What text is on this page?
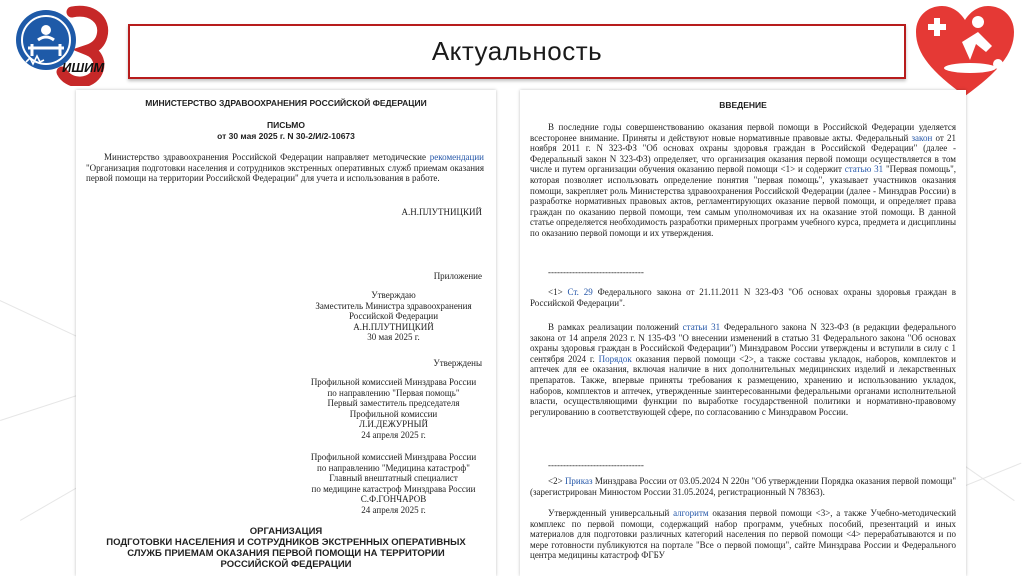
ИШИМ
Актуальность
МИНИСТЕРСТВО ЗДРАВООХРАНЕНИЯ РОССИЙСКОЙ ФЕДЕРАЦИИ
ПИСЬМО
от 30 мая 2025 г. N 30-2/И/2-10673
Министерство здравоохранения Российской Федерации направляет методические рекомендации "Организация подготовки населения и сотрудников экстренных оперативных служб приемам оказания первой помощи на территории Российской Федерации" для учета и использования в работе.
А.Н.ПЛУТНИЦКИЙ
Приложение
Утверждаю
Заместитель Министра здравоохранения
Российской Федерации
А.Н.ПЛУТНИЦКИЙ
30 мая 2025 г.
Утверждены
Профильной комиссией Минздрава России
по направлению "Первая помощь"
Первый заместитель председателя
Профильной комиссии
Л.И.ДЕЖУРНЫЙ
24 апреля 2025 г.
Профильной комиссией Минздрава России
по направлению "Медицина катастроф"
Главный внештатный специалист
по медицине катастроф Минздрава России
С.Ф.ГОНЧАРОВ
24 апреля 2025 г.
ОРГАНИЗАЦИЯ
ПОДГОТОВКИ НАСЕЛЕНИЯ И СОТРУДНИКОВ ЭКСТРЕННЫХ ОПЕРАТИВНЫХ
СЛУЖБ ПРИЕМАМ ОКАЗАНИЯ ПЕРВОЙ ПОМОЩИ НА ТЕРРИТОРИИ
РОССИЙСКОЙ ФЕДЕРАЦИИ
ВВЕДЕНИЕ
В последние годы совершенствованию оказания первой помощи в Российской Федерации уделяется всесторонее внимание. Приняты и действуют новые нормативные правовые акты. Федеральный закон от 21 ноября 2011 г. N 323-ФЗ "Об основах охраны здоровья граждан в Российской Федерации" (далее - Федеральный закон N 323-ФЗ) определяет, что организация оказания первой помощи осуществляется в том числе и путем организации обучения оказанию первой помощи <1> и содержит статью 31 "Первая помощь", которая позволяет использовать определение понятия "первая помощь", указывает участников оказания помощи, закрепляет роль Министерства здравоохранения Российской Федерации (далее - Минздрав России) в разработке нормативных правовых актов, регламентирующих оказание первой помощи, и определяет права граждан по оказанию первой помощи, тем самым уполномочивая их на оказание этой помощи. В данной статье определяется необходимость разработки примерных программ учебного курса, предмета и дисциплины по оказанию первой помощи и их утверждения.
--------------------------------
<1> Ст. 29 Федерального закона от 21.11.2011 N 323-ФЗ "Об основах охраны здоровья граждан в Российской Федерации".
В рамках реализации положений статьи 31 Федерального закона N 323-ФЗ (в редакции федерального закона от 14 апреля 2023 г. N 135-ФЗ "О внесении изменений в статью 31 Федерального закона "Об основах охраны здоровья граждан в Российской Федерации") Минздравом России утверждены и вступили в силу с 1 сентября 2024 г. Порядок оказания первой помощи <2>, а также составы укладок, наборов, комплектов и аптечек для ее оказания, включая наличие в них дополнительных медицинских изделий и лекарственных препаратов. Также, впервые приняты требования к размещению, хранению и использованию укладок, наборов, комплектов и аптечек, утвержденные заинтересованными федеральными органами исполнительной власти, осуществляющими функции по выработке государственной политики и нормативно-правовому регулированию в соответствующей сфере, по согласованию с Минздравом России.
--------------------------------
<2> Приказ Минздрава России от 03.05.2024 N 220н "Об утверждении Порядка оказания первой помощи" (зарегистрирован Минюстом России 31.05.2024, регистрационный N 78363).
Утвержденный универсальный алгоритм оказания первой помощи <3>, а также Учебно-методический комплекс по первой помощи, содержащий набор программ, учебных пособий, презентаций и иных материалов для подготовки различных категорий населения по первой помощи <4> перерабатываются и по мере готовности публикуются на портале "Все о первой помощи", сайте Минздрава России и Федерального центра медицины катастроф ФГБУ
